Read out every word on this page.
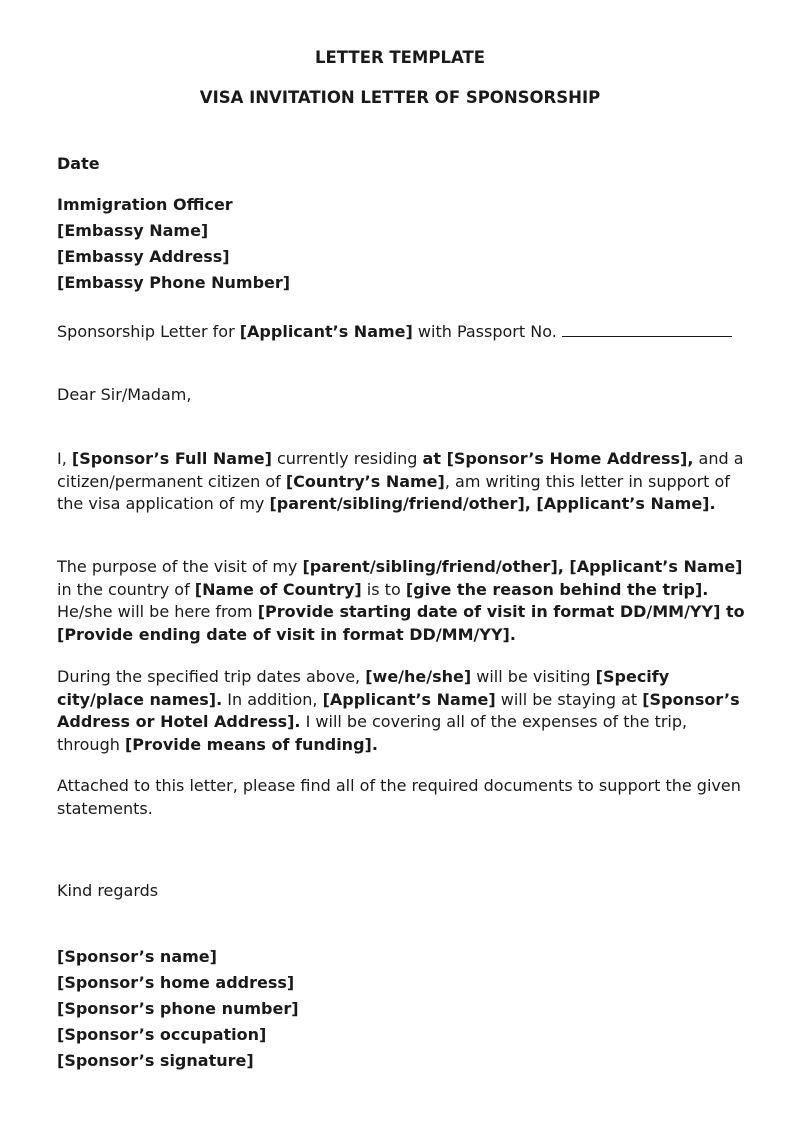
LETTER TEMPLATE
VISA INVITATION LETTER OF SPONSORSHIP
Date
Immigration Officer
[Embassy Name]
[Embassy Address]
[Embassy Phone Number]
Sponsorship Letter for [Applicant’s Name] with Passport No.
Dear Sir/Madam,
I, [Sponsor’s Full Name] currently residing at [Sponsor’s Home Address], and a citizen/permanent citizen of [Country’s Name], am writing this letter in support of the visa application of my [parent/sibling/friend/other], [Applicant’s Name].
The purpose of the visit of my [parent/sibling/friend/other], [Applicant’s Name] in the country of [Name of Country] is to [give the reason behind the trip]. He/she will be here from [Provide starting date of visit in format DD/MM/YY] to [Provide ending date of visit in format DD/MM/YY].
During the specified trip dates above, [we/he/she] will be visiting [Specify city/place names]. In addition, [Applicant’s Name] will be staying at [Sponsor’s Address or Hotel Address]. I will be covering all of the expenses of the trip, through [Provide means of funding].
Attached to this letter, please find all of the required documents to support the given statements.
Kind regards
[Sponsor’s name]
[Sponsor’s home address]
[Sponsor’s phone number]
[Sponsor’s occupation]
[Sponsor’s signature]
